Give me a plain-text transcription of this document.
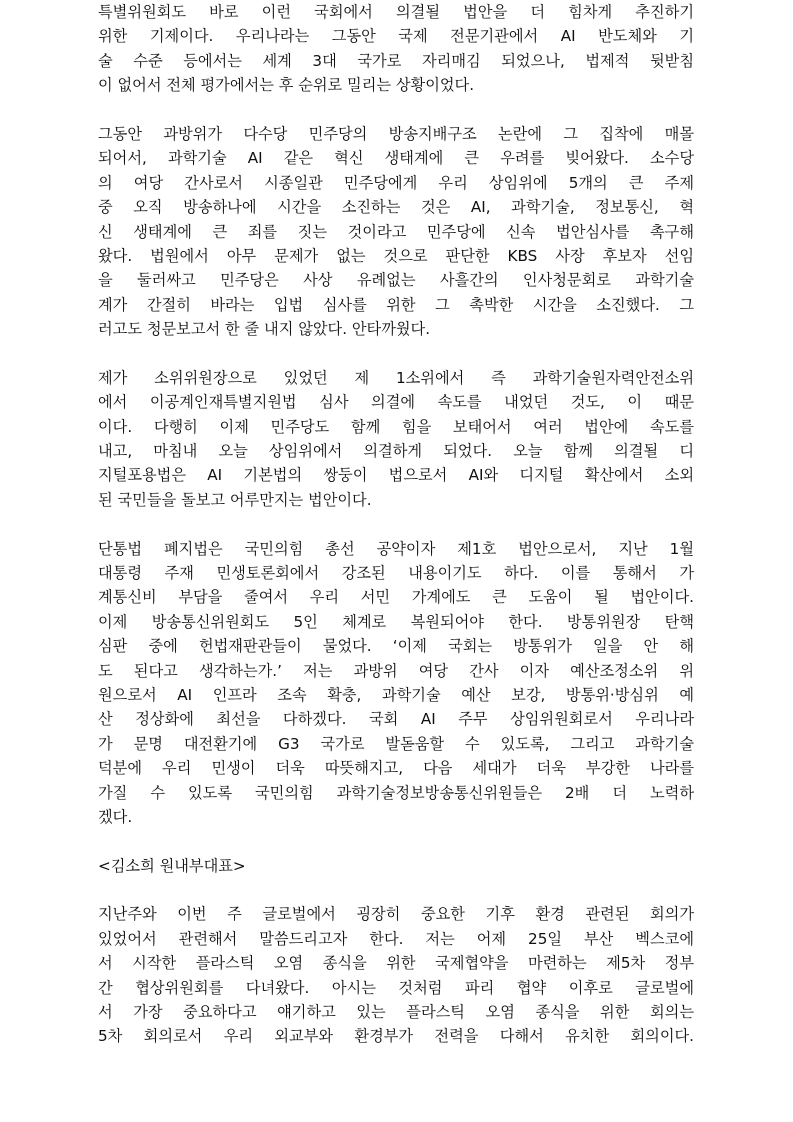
특별위원회도 바로 이런 국회에서 의결될 법안을 더 힘차게 추진하기
위한 기제이다. 우리나라는 그동안 국제 전문기관에서 AI 반도체와 기
술 수준 등에서는 세계 3대 국가로 자리매김 되었으나, 법제적 뒷받침
이 없어서 전체 평가에서는 후 순위로 밀리는 상황이었다.
그동안 과방위가 다수당 민주당의 방송지배구조 논란에 그 집착에 매몰
되어서, 과학기술 AI 같은 혁신 생태계에 큰 우려를 빚어왔다. 소수당
의 여당 간사로서 시종일관 민주당에게 우리 상임위에 5개의 큰 주제
중 오직 방송하나에 시간을 소진하는 것은 AI, 과학기술, 정보통신, 혁
신 생태계에 큰 죄를 짓는 것이라고 민주당에 신속 법안심사를 촉구해
왔다. 법원에서 아무 문제가 없는 것으로 판단한 KBS 사장 후보자 선임
을 둘러싸고 민주당은 사상 유례없는 사흘간의 인사청문회로 과학기술
계가 간절히 바라는 입법 심사를 위한 그 촉박한 시간을 소진했다. 그
러고도 청문보고서 한 줄 내지 않았다. 안타까웠다.
제가 소위위원장으로 있었던 제 1소위에서 즉 과학기술원자력안전소위
에서 이공계인재특별지원법 심사 의결에 속도를 내었던 것도, 이 때문
이다. 다행히 이제 민주당도 함께 힘을 보태어서 여러 법안에 속도를
내고, 마침내 오늘 상임위에서 의결하게 되었다. 오늘 함께 의결될 디
지털포용법은 AI 기본법의 쌍둥이 법으로서 AI와 디지털 확산에서 소외
된 국민들을 돌보고 어루만지는 법안이다.
단통법 폐지법은 국민의힘 총선 공약이자 제1호 법안으로서, 지난 1월
대통령 주재 민생토론회에서 강조된 내용이기도 하다. 이를 통해서 가
계통신비 부담을 줄여서 우리 서민 가계에도 큰 도움이 될 법안이다.
이제 방송통신위원회도 5인 체계로 복원되어야 한다. 방통위원장 탄핵
심판 중에 헌법재판관들이 물었다. ‘이제 국회는 방통위가 일을 안 해
도 된다고 생각하는가.’ 저는 과방위 여당 간사 이자 예산조정소위 위
원으로서 AI 인프라 조속 확충, 과학기술 예산 보강, 방통위·방심위 예
산 정상화에 최선을 다하겠다. 국회 AI 주무 상임위원회로서 우리나라
가 문명 대전환기에 G3 국가로 발돋움할 수 있도록, 그리고 과학기술
덕분에 우리 민생이 더욱 따뜻해지고, 다음 세대가 더욱 부강한 나라를
가질 수 있도록 국민의힘 과학기술정보방송통신위원들은 2배 더 노력하
겠다.
<김소희 원내부대표>
지난주와 이번 주 글로벌에서 굉장히 중요한 기후 환경 관련된 회의가
있었어서 관련해서 말씀드리고자 한다. 저는 어제 25일 부산 벡스코에
서 시작한 플라스틱 오염 종식을 위한 국제협약을 마련하는 제5차 정부
간 협상위원회를 다녀왔다. 아시는 것처럼 파리 협약 이후로 글로벌에
서 가장 중요하다고 얘기하고 있는 플라스틱 오염 종식을 위한 회의는
5차 회의로서 우리 외교부와 환경부가 전력을 다해서 유치한 회의이다.
